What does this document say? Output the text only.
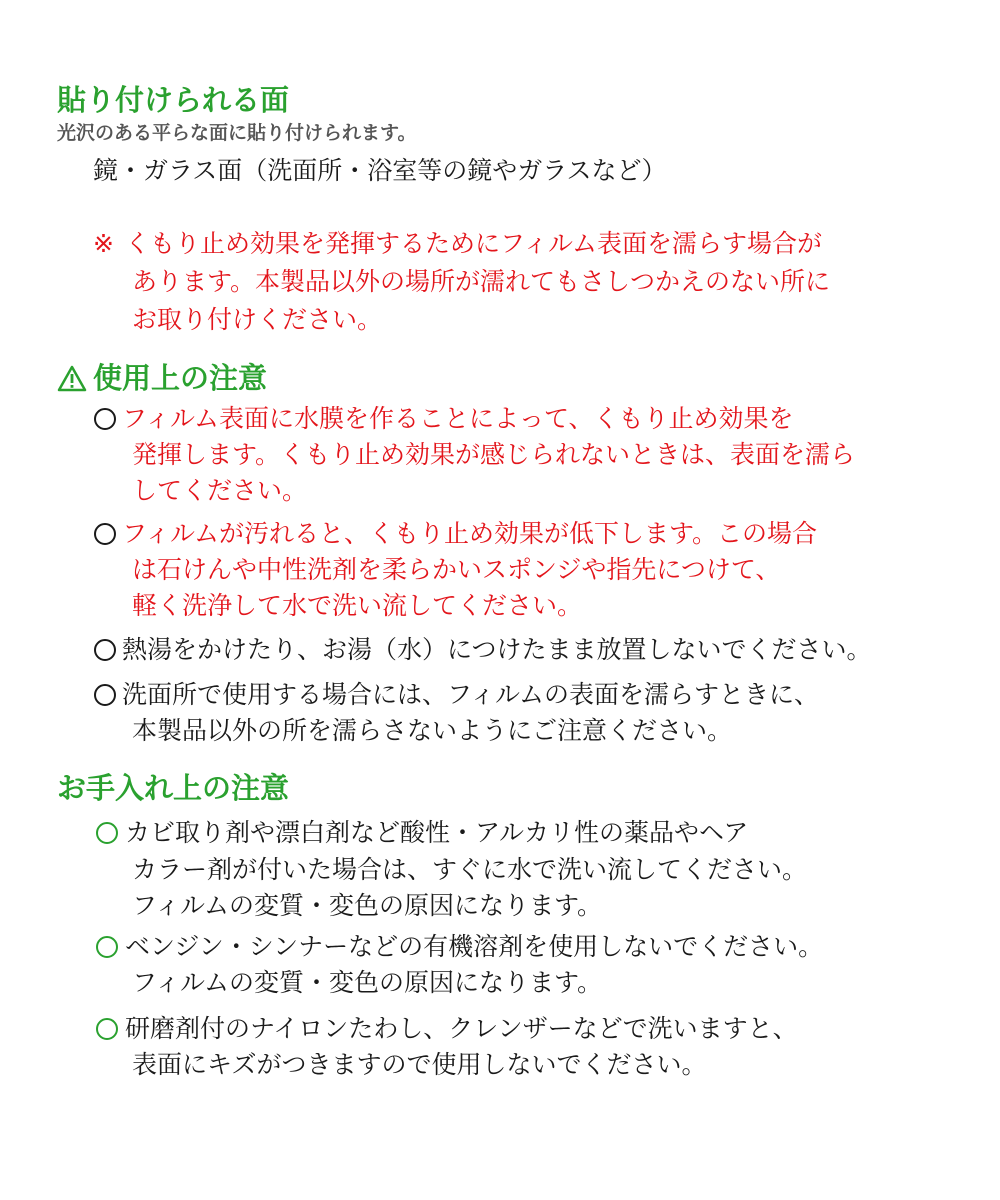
貼り付けられる面
光沢のある平らな面に貼り付けられます。
鏡・ガラス面（洗面所・浴室等の鏡やガラスなど）
※ くもり止め効果を発揮するためにフィルム表面を濡らす場合が
あります。本製品以外の場所が濡れてもさしつかえのない所に
お取り付けください。
使用上の注意
フィルム表面に水膜を作ることによって、くもり止め効果を
発揮します。くもり止め効果が感じられないときは、表面を濡ら
してください。
フィルムが汚れると、くもり止め効果が低下します。この場合
は石けんや中性洗剤を柔らかいスポンジや指先につけて、
軽く洗浄して水で洗い流してください。
熱湯をかけたり、お湯（水）につけたまま放置しないでください。
洗面所で使用する場合には、フィルムの表面を濡らすときに、
本製品以外の所を濡らさないようにご注意ください。
お手入れ上の注意
カビ取り剤や漂白剤など酸性・アルカリ性の薬品やヘア
カラー剤が付いた場合は、すぐに水で洗い流してください。
フィルムの変質・変色の原因になります。
ベンジン・シンナーなどの有機溶剤を使用しないでください。
フィルムの変質・変色の原因になります。
研磨剤付のナイロンたわし、クレンザーなどで洗いますと、
表面にキズがつきますので使用しないでください。
